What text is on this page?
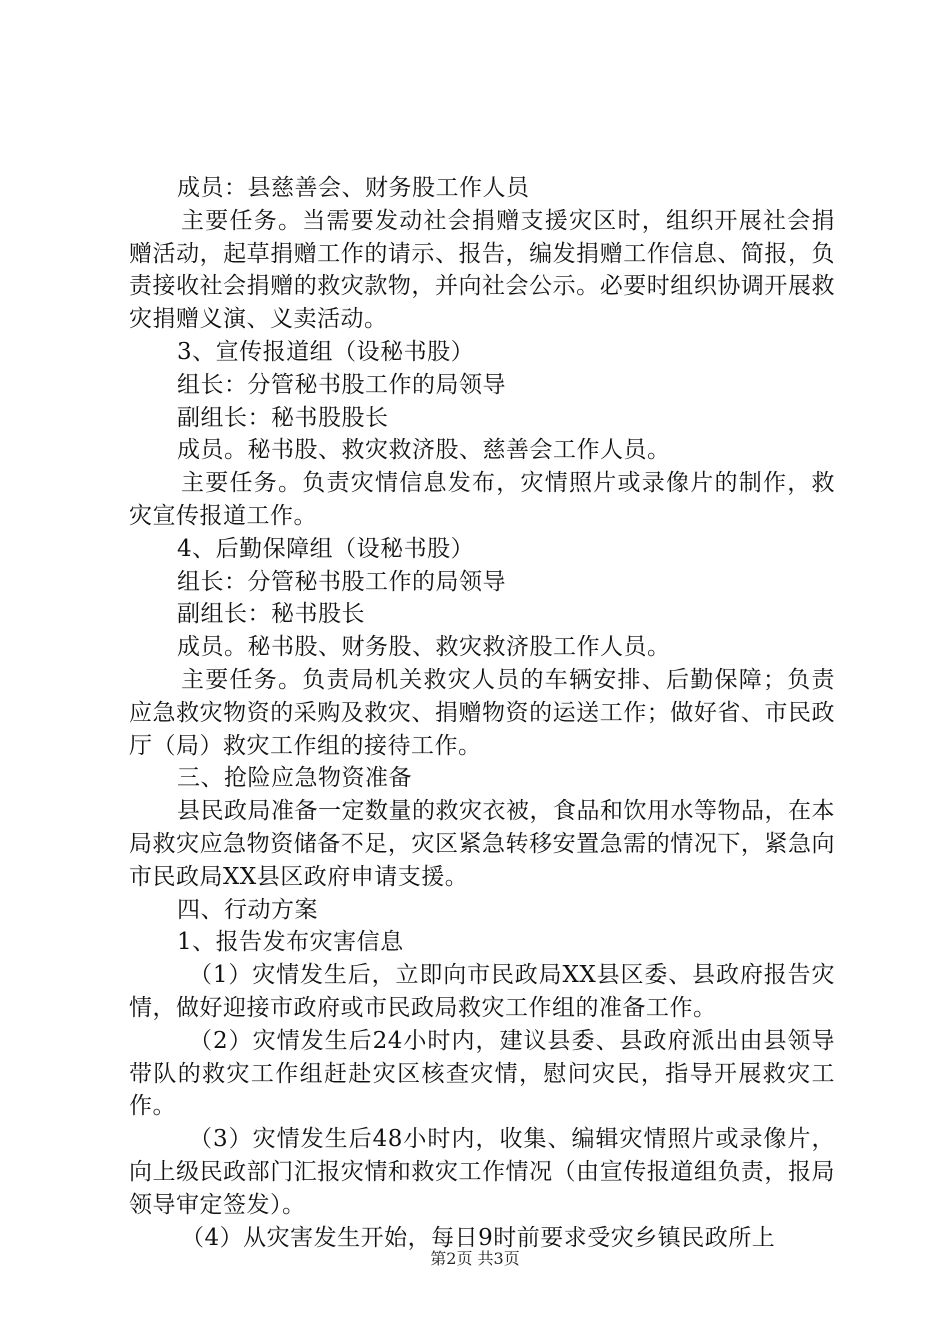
成员：县慈善会、财务股工作人员

主要任务。当需要发动社会捐赠支援灾区时，组织开展社会捐赠活动，起草捐赠工作的请示、报告，编发捐赠工作信息、简报，负责接收社会捐赠的救灾款物，并向社会公示。必要时组织协调开展救灾捐赠义演、义卖活动。

3、宣传报道组（设秘书股）

组长：分管秘书股工作的局领导

副组长：秘书股股长

成员。秘书股、救灾救济股、慈善会工作人员。

主要任务。负责灾情信息发布，灾情照片或录像片的制作，救灾宣传报道工作。

4、后勤保障组（设秘书股）

组长：分管秘书股工作的局领导

副组长：秘书股长

成员。秘书股、财务股、救灾救济股工作人员。

主要任务。负责局机关救灾人员的车辆安排、后勤保障；负责应急救灾物资的采购及救灾、捐赠物资的运送工作；做好省、市民政厅（局）救灾工作组的接待工作。

三、抢险应急物资准备

县民政局准备一定数量的救灾衣被，食品和饮用水等物品，在本局救灾应急物资储备不足，灾区紧急转移安置急需的情况下，紧急向市民政局XX县区政府申请支援。

四、行动方案

1、报告发布灾害信息

（1）灾情发生后，立即向市民政局XX县区委、县政府报告灾情，做好迎接市政府或市民政局救灾工作组的准备工作。

（2）灾情发生后24小时内，建议县委、县政府派出由县领导带队的救灾工作组赶赴灾区核查灾情，慰问灾民，指导开展救灾工作。

（3）灾情发生后48小时内，收集、编辑灾情照片或录像片，向上级民政部门汇报灾情和救灾工作情况（由宣传报道组负责，报局领导审定签发）。

（4）从灾害发生开始，每日9时前要求受灾乡镇民政所上

第2页 共3页
